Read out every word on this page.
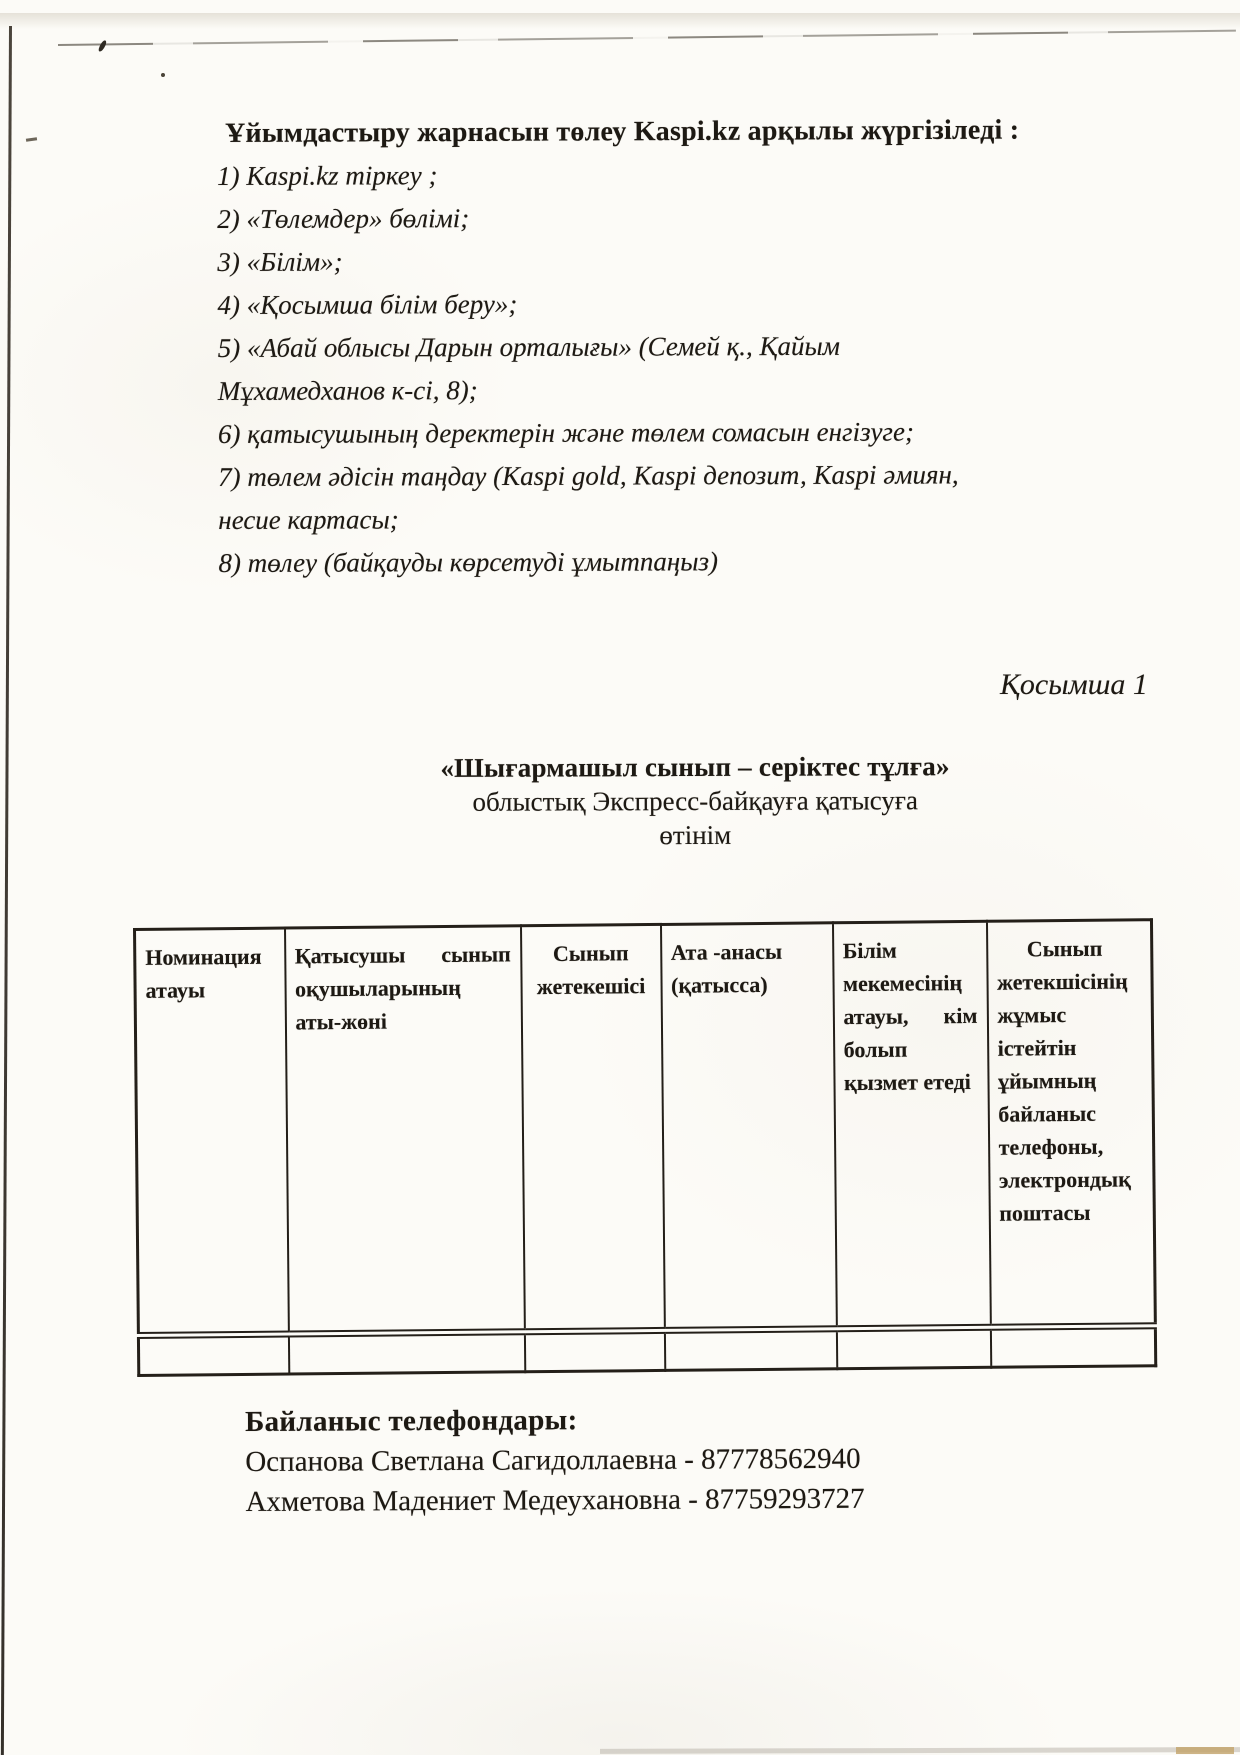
Ұйымдастыру жарнасын төлеу Kaspi.kz арқылы жүргізіледі :
1) Kaspi.kz тіркеу ;
2) «Төлемдер» бөлімі;
3) «Білім»;
4) «Қосымша білім беру»;
5) «Абай облысы Дарын орталығы» (Семей қ., Қайым Мұхамедханов к-сі, 8);
6) қатысушының деректерін және төлем сомасын енгізуге;
7) төлем әдісін таңдау (Kaspi gold, Kaspi депозит, Kaspi әмиян, несие картасы;
8) төлеу (байқауды көрсетуді ұмытпаңыз)
Қосымша 1
«Шығармашыл сынып – серіктес тұлға»
облыстық Экспресс-байқауға қатысуға
өтінім
Номинация атауы	Қатысушы сынып оқушыларының аты-жөні	Сынып жетекешісі	Ата -анасы (қатысса)	Білім мекемесінің атауы, кім болып қызмет етеді	Сынып жетекшісінің жұмыс істейтін ұйымның байланыс телефоны, электрондық поштасы

Байланыс телефондары:
Оспанова Светлана Сагидоллаевна - 87778562940
Ахметова Мадениет Медеухановна - 87759293727
